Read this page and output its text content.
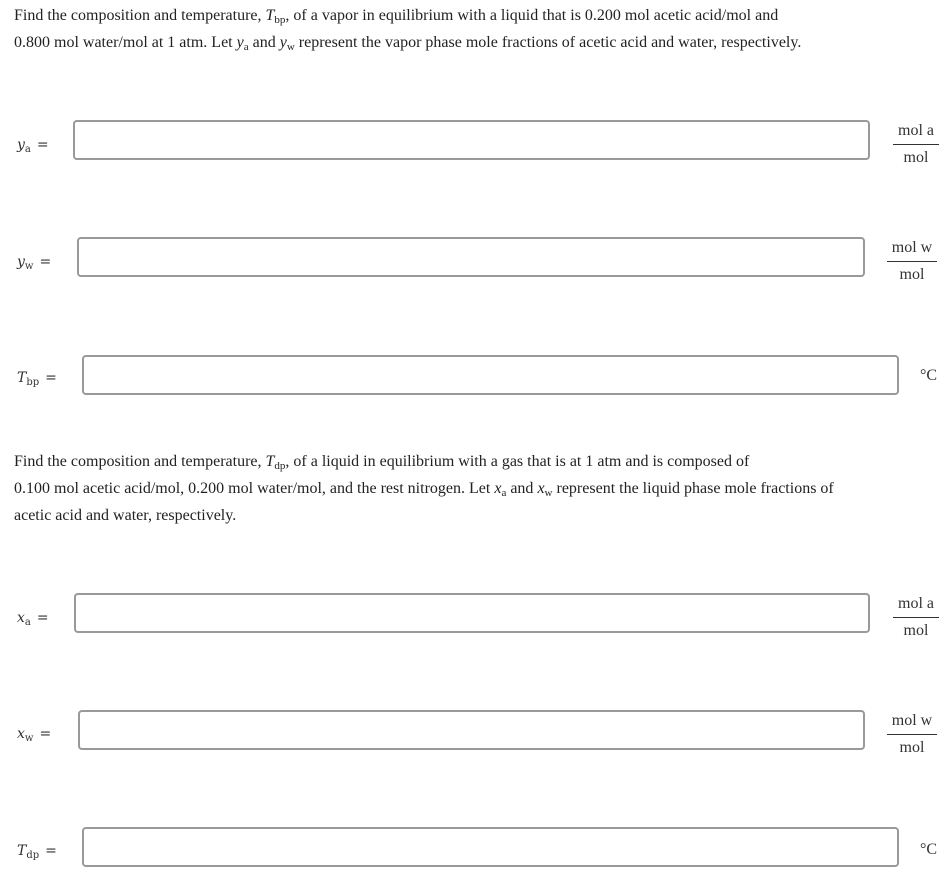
Find the composition and temperature, $T_{bp}$, of a vapor in equilibrium with a liquid that is 0.200 mol acetic acid/mol and
0.800 mol water/mol at 1 atm. Let $y_a$ and $y_w$ represent the vapor phase mole fractions of acetic acid and water, respectively.

$y_a$ =
mol a
mol
$y_w$ =
mol w
mol
$T_{bp}$ =	°C

Find the composition and temperature, $T_{dp}$, of a liquid in equilibrium with a gas that is at 1 atm and is composed of
0.100 mol acetic acid/mol, 0.200 mol water/mol, and the rest nitrogen. Let $x_a$ and $x_w$ represent the liquid phase mole fractions of
acetic acid and water, respectively.

$x_a$ =
mol a
mol
$x_w$ =
mol w
mol
$T_{dp}$ =	°C
